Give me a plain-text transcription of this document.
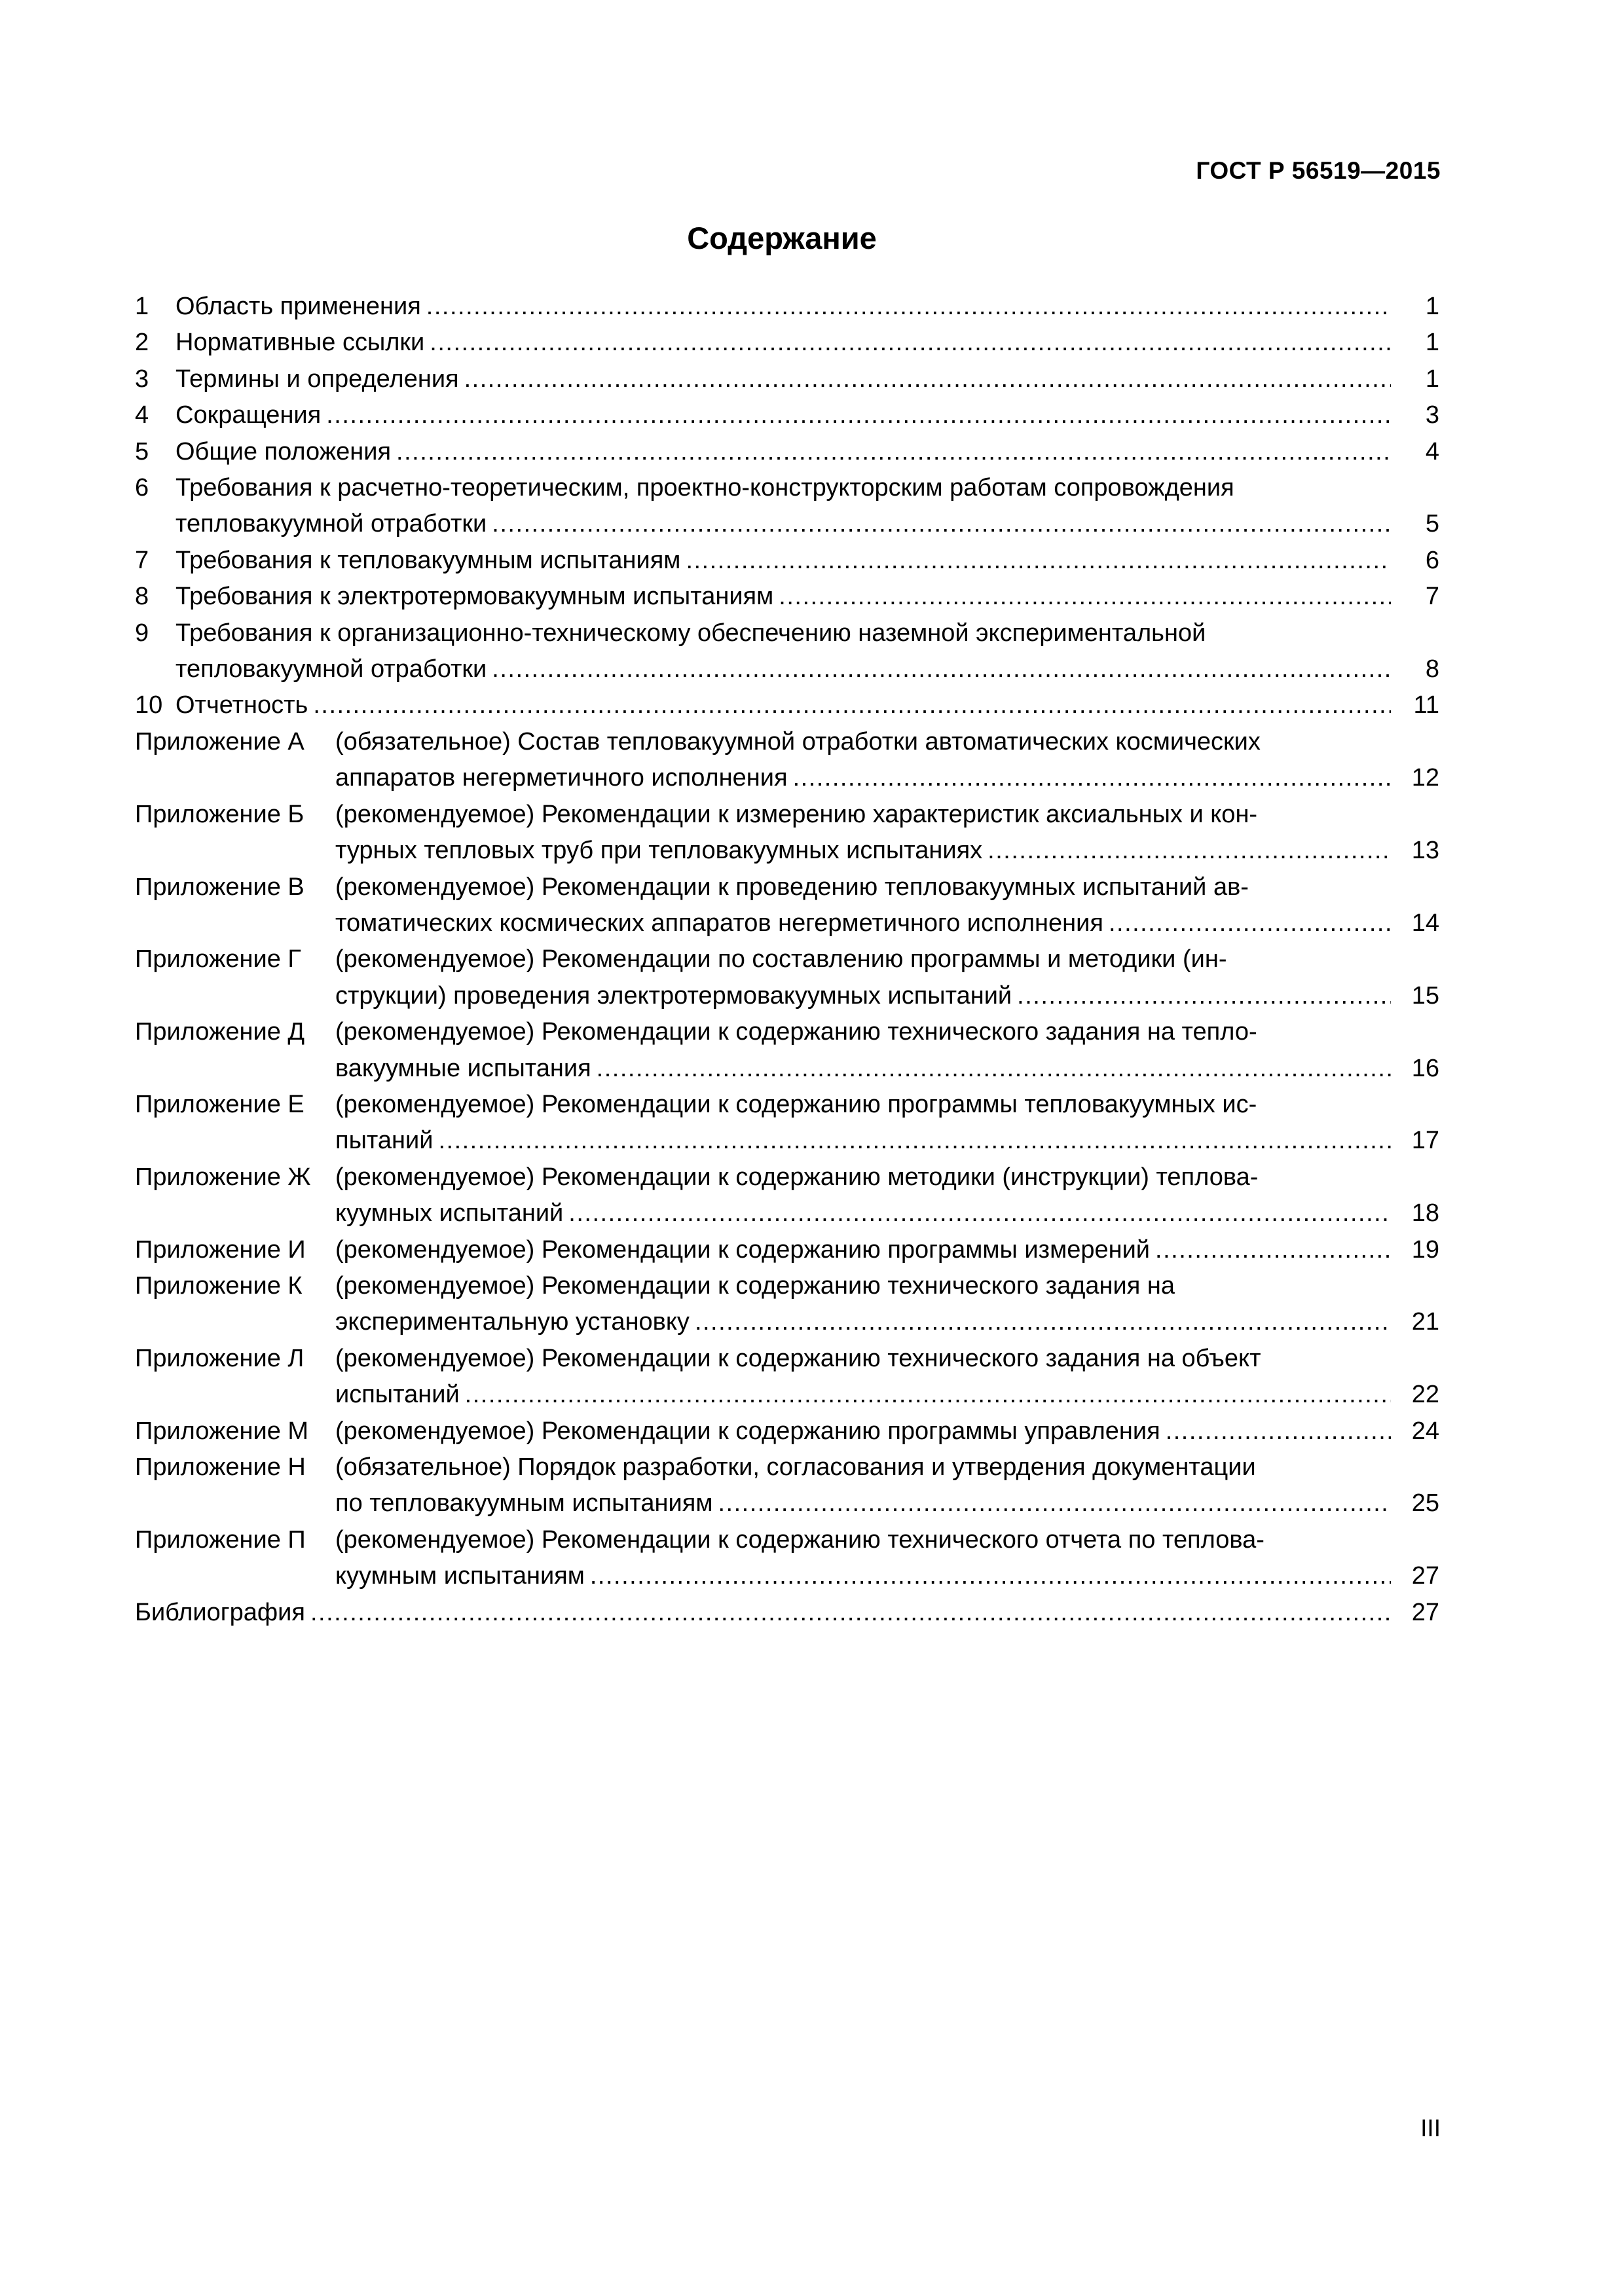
ГОСТ Р 56519—2015
Содержание
1	Область применения .....	1
2	Нормативные ссылки .....	1
3	Термины и определения .....	1
4	Сокращения .....	3
5	Общие положения .....	4
6	Требования к расчетно-теоретическим, проектно-конструкторским работам сопровождения
тепловакуумной отработки .....	5
7	Требования к тепловакуумным испытаниям .....	6
8	Требования к электротермовакуумным испытаниям .....	7
9	Требования к организационно-техническому обеспечению наземной экспериментальной
тепловакуумной отработки .....	8
10 Отчетность .....	11
Приложение А	(обязательное) Состав тепловакуумной отработки автоматических космических
аппаратов негерметичного исполнения .....	12
Приложение Б	(рекомендуемое) Рекомендации к измерению характеристик аксиальных и кон-
турных тепловых труб при тепловакуумных испытаниях .....	13
Приложение В	(рекомендуемое) Рекомендации к проведению тепловакуумных испытаний ав-
томатических космических аппаратов негерметичного исполнения .....	14
Приложение Г	(рекомендуемое) Рекомендации по составлению программы и методики (ин-
струкции) проведения электротермовакуумных испытаний .....	15
Приложение Д	(рекомендуемое) Рекомендации к содержанию технического задания на тепло-
вакуумные испытания .....	16
Приложение Е	(рекомендуемое) Рекомендации к содержанию программы тепловакуумных ис-
пытаний .....	17
Приложение Ж (рекомендуемое) Рекомендации к содержанию методики (инструкции) теплова-
куумных испытаний .....	18
Приложение И	(рекомендуемое) Рекомендации к содержанию программы измерений .....	19
Приложение К	(рекомендуемое) Рекомендации к содержанию технического задания на
экспериментальную установку .....	21
Приложение Л	(рекомендуемое) Рекомендации к содержанию технического задания на объект
испытаний .....	22
Приложение М	(рекомендуемое) Рекомендации к содержанию программы управления .....	24
Приложение Н	(обязательное) Порядок разработки, согласования и утвердения документации
по тепловакуумным испытаниям .....	25
Приложение П	(рекомендуемое) Рекомендации к содержанию технического отчета по теплова-
куумным испытаниям .....	27
Библиография .....	27
III
